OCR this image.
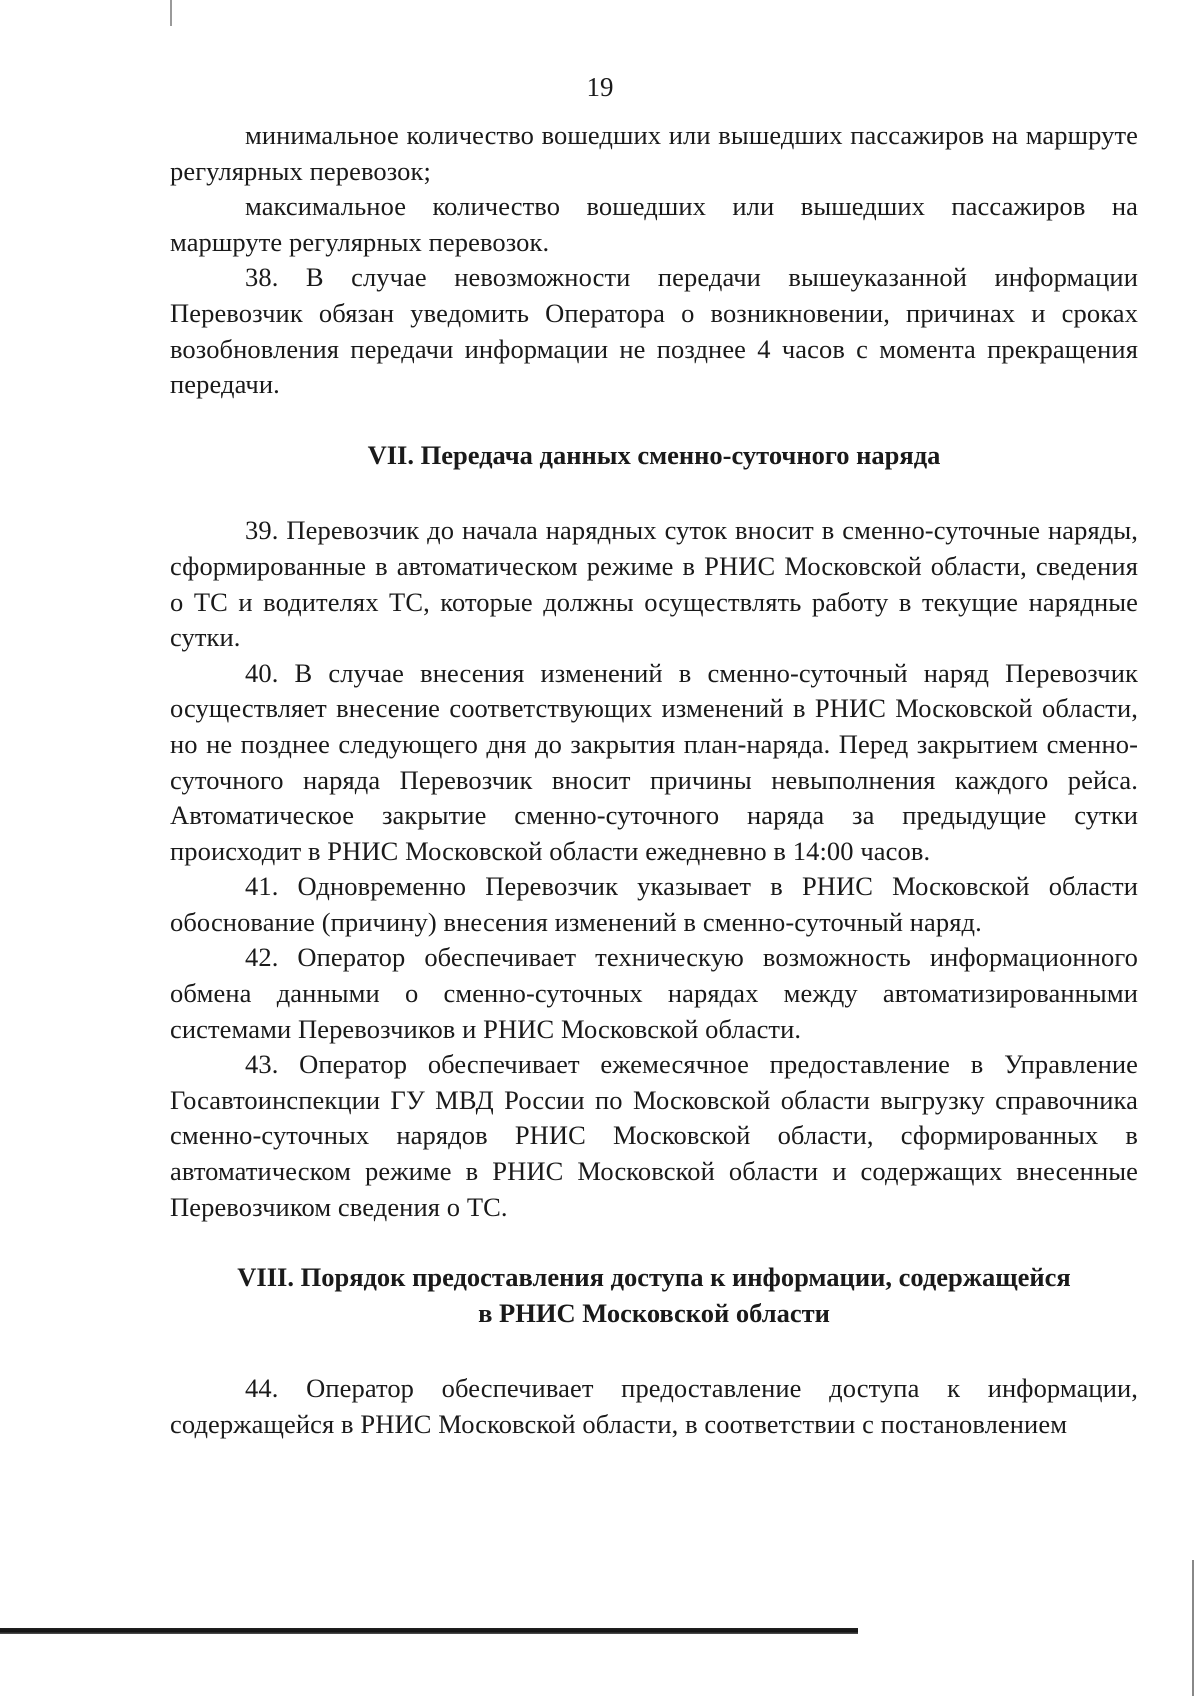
19

минимальное количество вошедших или вышедших пассажиров на маршруте регулярных перевозок;

максимальное количество вошедших или вышедших пассажиров на маршруте регулярных перевозок.

38. В случае невозможности передачи вышеуказанной информации Перевозчик обязан уведомить Оператора о возникновении, причинах и сроках возобновления передачи информации не позднее 4 часов с момента прекращения передачи.

VII. Передача данных сменно-суточного наряда

39. Перевозчик до начала нарядных суток вносит в сменно-суточные наряды, сформированные в автоматическом режиме в РНИС Московской области, сведения о ТС и водителях ТС, которые должны осуществлять работу в текущие нарядные сутки.

40. В случае внесения изменений в сменно-суточный наряд Перевозчик осуществляет внесение соответствующих изменений в РНИС Московской области, но не позднее следующего дня до закрытия план-наряда. Перед закрытием сменно-суточного наряда Перевозчик вносит причины невыполнения каждого рейса. Автоматическое закрытие сменно-суточного наряда за предыдущие сутки происходит в РНИС Московской области ежедневно в 14:00 часов.

41. Одновременно Перевозчик указывает в РНИС Московской области обоснование (причину) внесения изменений в сменно-суточный наряд.

42. Оператор обеспечивает техническую возможность информационного обмена данными о сменно-суточных нарядах между автоматизированными системами Перевозчиков и РНИС Московской области.

43. Оператор обеспечивает ежемесячное предоставление в Управление Госавтоинспекции ГУ МВД России по Московской области выгрузку справочника сменно-суточных нарядов РНИС Московской области, сформированных в автоматическом режиме в РНИС Московской области и содержащих внесенные Перевозчиком сведения о ТС.

VIII. Порядок предоставления доступа к информации, содержащейся
в РНИС Московской области

44. Оператор обеспечивает предоставление доступа к информации, содержащейся в РНИС Московской области, в соответствии с постановлением
